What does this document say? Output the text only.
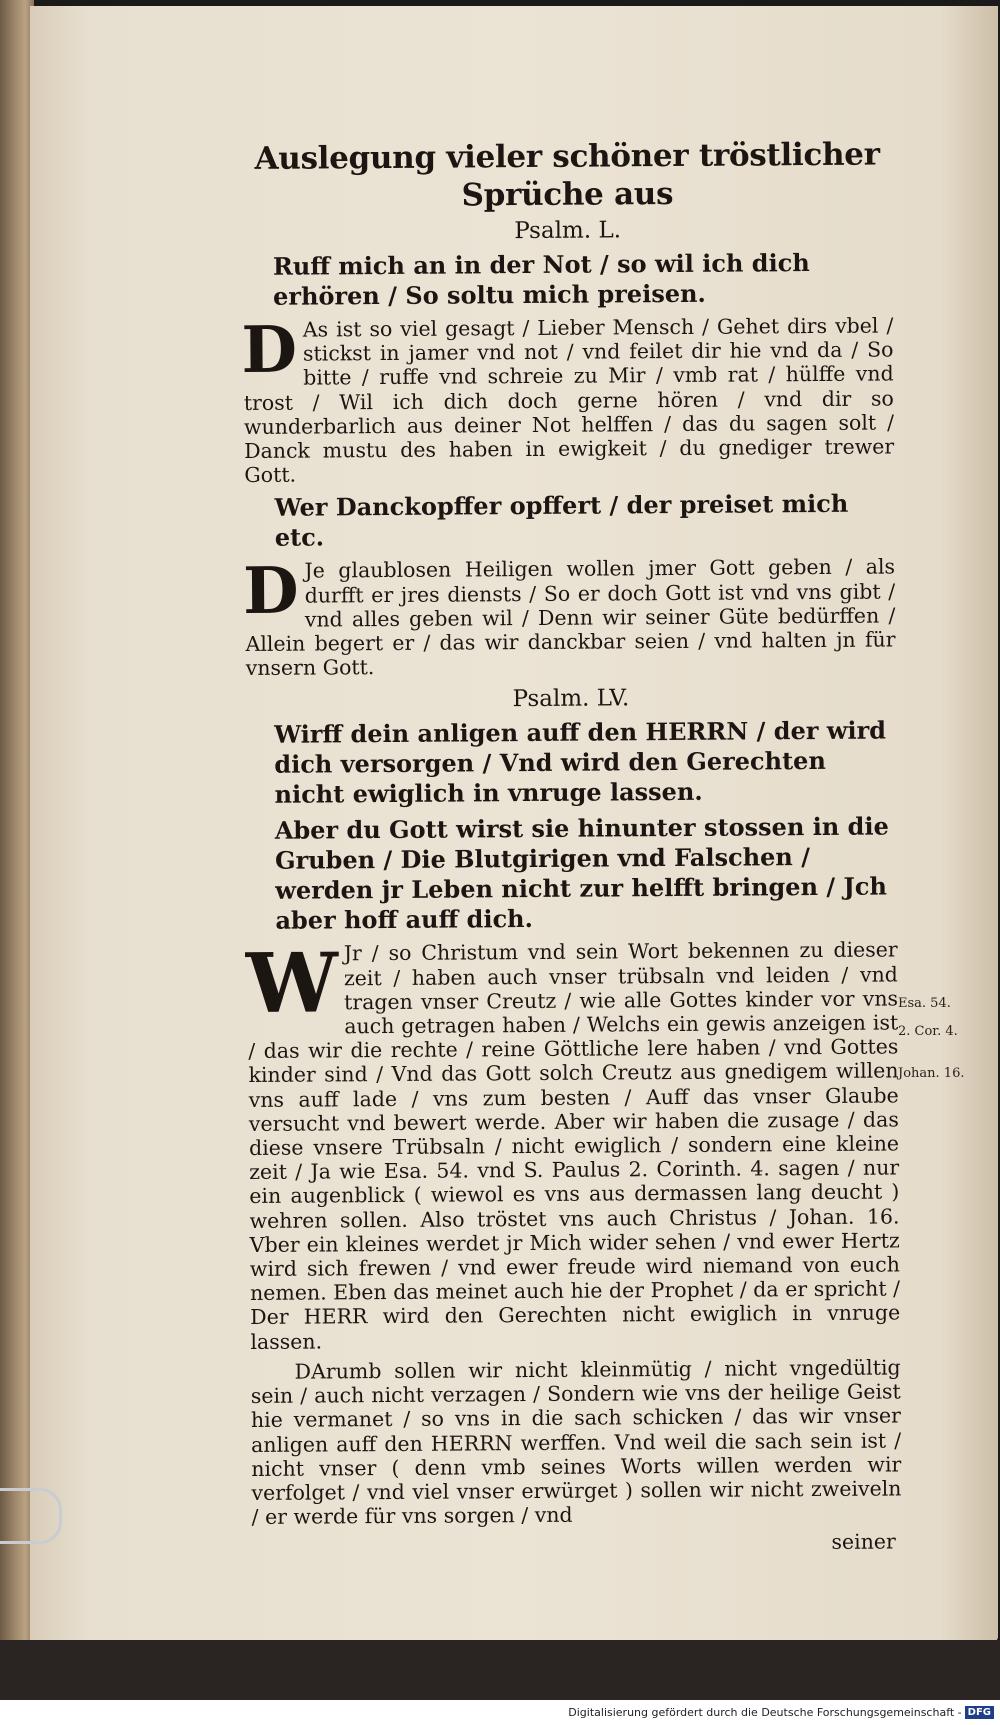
Auslegung vieler schöner tröstlicher Sprüche aus
Psalm. L.
Ruff mich an in der Not / so wil ich dich erhören / So soltu mich preisen.
D As ist so viel gesagt / Lieber Mensch / Gehet dirs vbel / stickst in jamer vnd not / vnd feilet dir hie vnd da / So bitte / ruffe vnd schreie zu Mir / vmb rat / hülffe vnd trost / Wil ich dich doch gerne hören / vnd dir so wunderbarlich aus deiner Not helffen / das du sagen solt / Danck mustu des haben in ewigkeit / du gnediger trewer Gott.
Wer Danckopffer opffert / der preiset mich etc.
D Je glaublosen Heiligen wollen jmer Gott geben / als durfft er jres diensts / So er doch Gott ist vnd vns gibt / vnd alles geben wil / Denn wir seiner Güte bedürffen / Allein begert er / das wir danckbar seien / vnd halten jn für vnsern Gott.
Psalm. LV.
Wirff dein anligen auff den HERRN / der wird dich versorgen / Vnd wird den Gerechten nicht ewiglich in vnruge lassen.
Aber du Gott wirst sie hinunter stossen in die Gruben / Die Blutgirigen vnd Falschen / werden jr Leben nicht zur helfft bringen / Jch aber hoff auff dich.
W Jr / so Christum vnd sein Wort bekennen zu dieser zeit / haben auch vnser trübsaln vnd leiden / vnd tragen vnser Creutz / wie alle Gottes kinder vor vns auch getragen haben / Welchs ein gewis anzeigen ist / das wir die rechte / reine Göttliche lere haben / vnd Gottes kinder sind / Vnd das Gott solch Creutz aus gnedigem willen vns auff lade / vns zum besten / Auff das vnser Glaube versucht vnd bewert werde. Aber wir haben die zusage / das diese vnsere Trübsaln / nicht ewiglich / sondern eine kleine zeit / Ja wie Esa. 54. vnd S. Paulus 2. Corinth. 4. sagen / nur ein augenblick ( wiewol es vns aus dermassen lang deucht ) wehren sollen. Also tröstet vns auch Christus / Johan. 16. Vber ein kleines werdet jr Mich wider sehen / vnd ewer Hertz wird sich frewen / vnd ewer freude wird niemand von euch nemen. Eben das meinet auch hie der Prophet / da er spricht / Der HERR wird den Gerechten nicht ewiglich in vnruge lassen.
DArumb sollen wir nicht kleinmütig / nicht vngedültig sein / auch nicht verzagen / Sondern wie vns der heilige Geist hie vermanet / so vns in die sach schicken / das wir vnser anligen auff den HERRN werffen. Vnd weil die sach sein ist / nicht vnser ( denn vmb seines Worts willen werden wir verfolget / vnd viel vnser erwürget ) sollen wir nicht zweiveln / er werde für vns sorgen / vnd
seiner
Esa. 54.
2. Cor. 4.
Johan. 16.
Digitalisierung gefördert durch die Deutsche Forschungsgemeinschaft - DFG
